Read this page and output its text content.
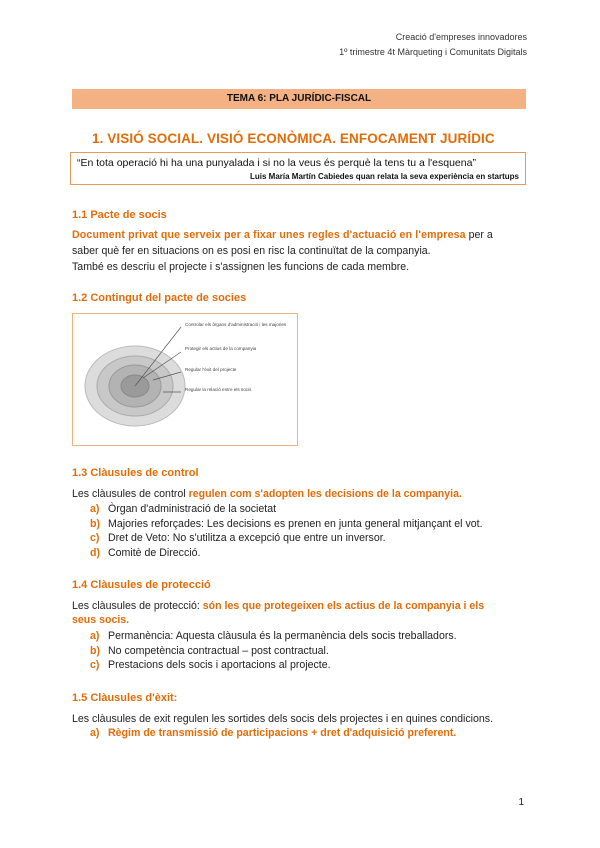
Creació d'empreses innovadores
1º trimestre 4t Màrqueting i Comunitats Digitals
TEMA 6: PLA JURÍDIC-FISCAL
1. VISIÓ SOCIAL. VISIÓ ECONÒMICA. ENFOCAMENT JURÍDIC
“En tota operació hi ha una punyalada i si no la veus és perquè la tens tu a l'esquena”
Luis María Martín Cabiedes quan relata la seva experiència en startups
1.1 Pacte de socis
Document privat que serveix per a fixar unes regles d'actuació en l'empresa per a
saber què fer en situacions on es posi en risc la continuïtat de la companyia.
També es descriu el projecte i s'assignen les funcions de cada membre.
1.2 Contingut del pacte de socies
Controlar els òrgans d'administració i les majories
Protegir els actius de la companyia
Regular l'èxit del projecte
Regular la relació entre els socis
1.3 Clàusules de control
Les clàusules de control regulen com s'adopten les decisions de la companyia.
a) Òrgan d'administració de la societat
b) Majories reforçades: Les decisions es prenen en junta general mitjançant el vot.
c) Dret de Veto: No s'utilitza a excepció que entre un inversor.
d) Comitè de Direcció.
1.4 Clàusules de protecció
Les clàusules de protecció: són les que protegeixen els actius de la companyia i els
seus socis.
a) Permanència: Aquesta clàusula és la permanència dels socis treballadors.
b) No competència contractual – post contractual.
c) Prestacions dels socis i aportacions al projecte.
1.5 Clàusules d'èxit:
Les clàusules de exit regulen les sortides dels socis dels projectes i en quines condicions.
a) Règim de transmissió de participacions + dret d'adquisició preferent.
1
